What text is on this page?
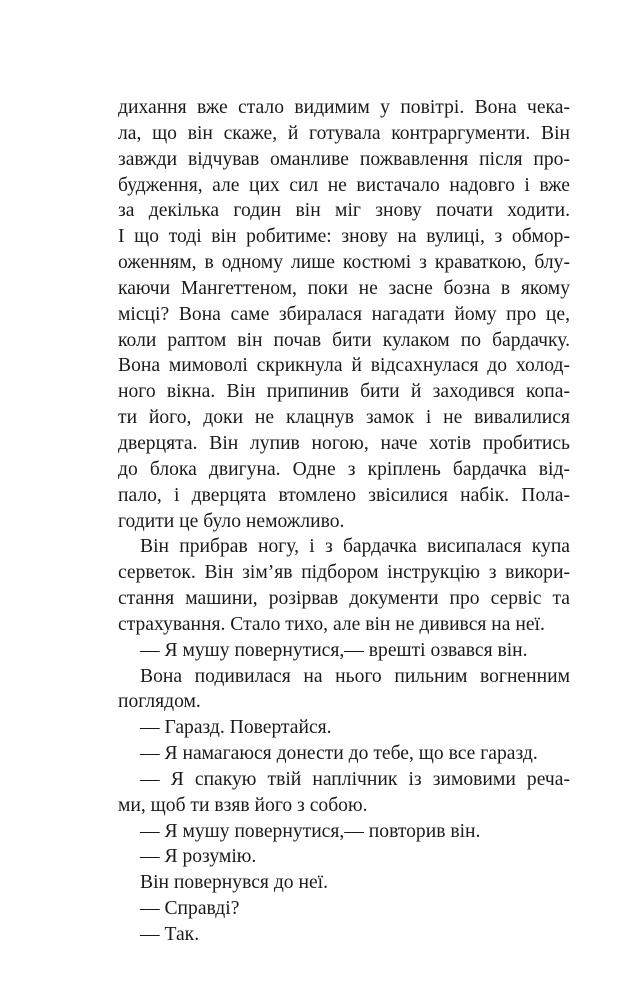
дихання вже стало видимим у повітрі. Вона чека-
ла, що він скаже, й готувала контраргументи. Він
завжди відчував оманливе пожвавлення після про-
будження, але цих сил не вистачало надовго і вже
за декілька годин він міг знову почати ходити.
І що тоді він робитиме: знову на вулиці, з обмор-
оженням, в одному лише костюмі з краваткою, блу-
каючи Мангеттеном, поки не засне бозна в якому
місці? Вона саме збиралася нагадати йому про це,
коли раптом він почав бити кулаком по бардачку.
Вона мимоволі скрикнула й відсахнулася до холод-
ного вікна. Він припинив бити й заходився копа-
ти його, доки не клацнув замок і не вивалилися
дверцята. Він лупив ногою, наче хотів пробитись
до блока двигуна. Одне з кріплень бардачка від-
пало, і дверцята втомлено звісилися набік. Пола-
годити це було неможливо.
Він прибрав ногу, і з бардачка висипалася купа
серветок. Він зім’яв підбором інструкцію з викори-
стання машини, розірвав документи про сервіс та
страхування. Стало тихо, але він не дивився на неї.
— Я мушу повернутися,— врешті озвався він.
Вона подивилася на нього пильним вогненним
поглядом.
— Гаразд. Повертайся.
— Я намагаюся донести до тебе, що все гаразд.
— Я спакую твій наплічник із зимовими реча-
ми, щоб ти взяв його з собою.
— Я мушу повернутися,— повторив він.
— Я розумію.
Він повернувся до неї.
— Справді?
— Так.
